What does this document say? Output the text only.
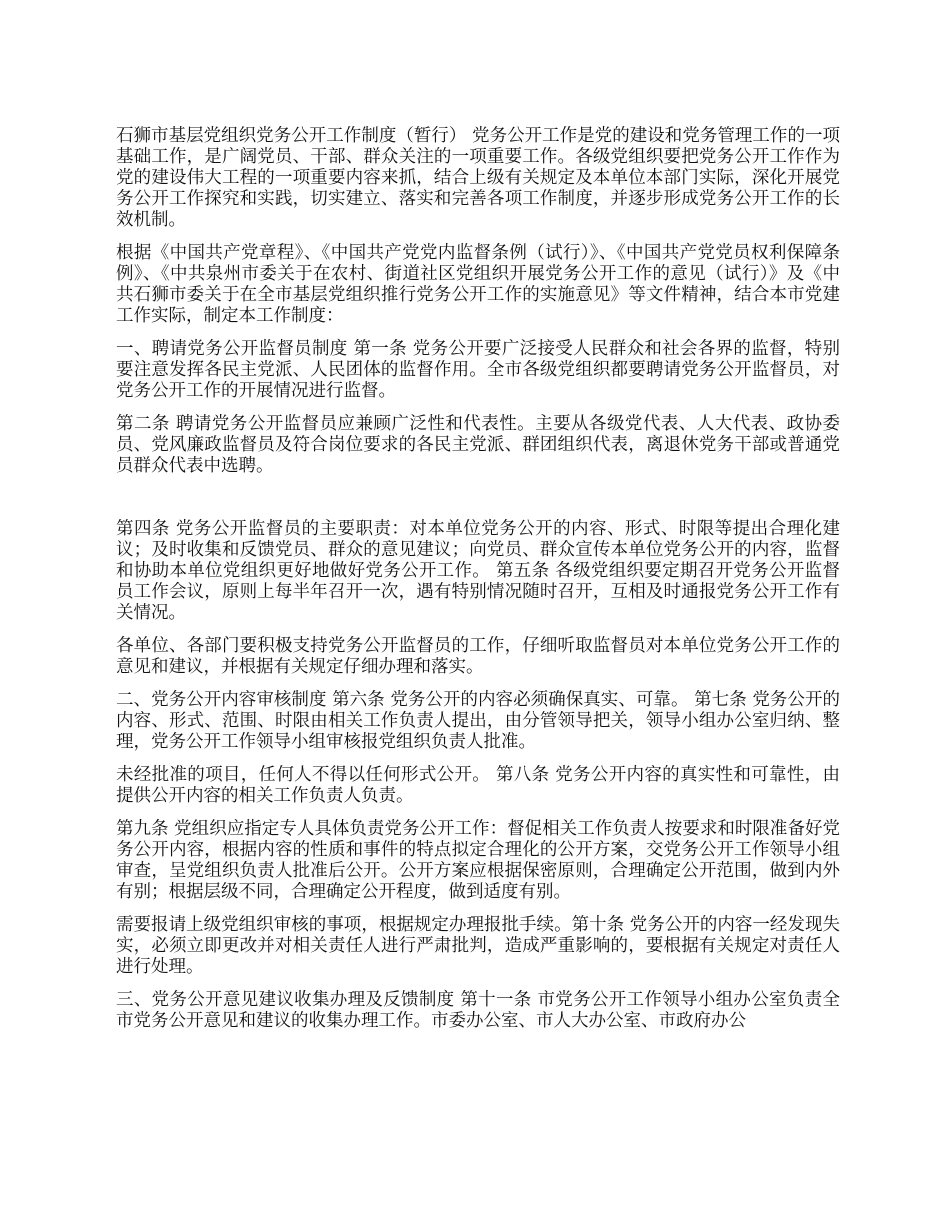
石狮市基层党组织党务公开工作制度（暂行） 党务公开工作是党的建设和党务管理工作的一项基础工作，是广阔党员、干部、群众关注的一项重要工作。各级党组织要把党务公开工作作为党的建设伟大工程的一项重要内容来抓，结合上级有关规定及本单位本部门实际，深化开展党务公开工作探究和实践，切实建立、落实和完善各项工作制度，并逐步形成党务公开工作的长效机制。

根据《中国共产党章程》、《中国共产党党内监督条例（试行）》、《中国共产党党员权利保障条例》、《中共泉州市委关于在农村、街道社区党组织开展党务公开工作的意见（试行）》及《中共石狮市委关于在全市基层党组织推行党务公开工作的实施意见》等文件精神，结合本市党建工作实际，制定本工作制度：

一、聘请党务公开监督员制度 第一条 党务公开要广泛接受人民群众和社会各界的监督，特别要注意发挥各民主党派、人民团体的监督作用。全市各级党组织都要聘请党务公开监督员，对党务公开工作的开展情况进行监督。

第二条 聘请党务公开监督员应兼顾广泛性和代表性。主要从各级党代表、人大代表、政协委员、党风廉政监督员及符合岗位要求的各民主党派、群团组织代表，离退休党务干部或普通党员群众代表中选聘。

第四条 党务公开监督员的主要职责：对本单位党务公开的内容、形式、时限等提出合理化建议；及时收集和反馈党员、群众的意见建议；向党员、群众宣传本单位党务公开的内容，监督和协助本单位党组织更好地做好党务公开工作。 第五条 各级党组织要定期召开党务公开监督员工作会议，原则上每半年召开一次，遇有特别情况随时召开，互相及时通报党务公开工作有关情况。

各单位、各部门要积极支持党务公开监督员的工作，仔细听取监督员对本单位党务公开工作的意见和建议，并根据有关规定仔细办理和落实。

二、党务公开内容审核制度 第六条 党务公开的内容必须确保真实、可靠。 第七条 党务公开的内容、形式、范围、时限由相关工作负责人提出，由分管领导把关，领导小组办公室归纳、整理，党务公开工作领导小组审核报党组织负责人批准。

未经批准的项目，任何人不得以任何形式公开。 第八条 党务公开内容的真实性和可靠性，由提供公开内容的相关工作负责人负责。

第九条 党组织应指定专人具体负责党务公开工作：督促相关工作负责人按要求和时限准备好党务公开内容，根据内容的性质和事件的特点拟定合理化的公开方案，交党务公开工作领导小组审查，呈党组织负责人批准后公开。公开方案应根据保密原则，合理确定公开范围，做到内外有别；根据层级不同，合理确定公开程度，做到适度有别。

需要报请上级党组织审核的事项，根据规定办理报批手续。第十条 党务公开的内容一经发现失实，必须立即更改并对相关责任人进行严肃批判，造成严重影响的，要根据有关规定对责任人进行处理。

三、党务公开意见建议收集办理及反馈制度 第十一条 市党务公开工作领导小组办公室负责全市党务公开意见和建议的收集办理工作。市委办公室、市人大办公室、市政府办公
